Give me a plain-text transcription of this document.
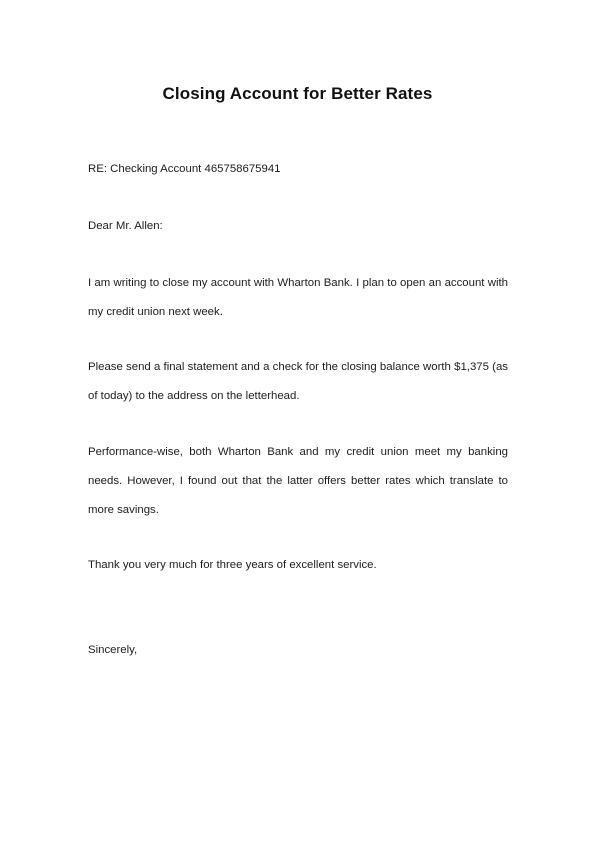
Closing Account for Better Rates

RE: Checking Account 465758675941

Dear Mr. Allen:

I am writing to close my account with Wharton Bank. I plan to open an account with my credit union next week.

Please send a final statement and a check for the closing balance worth $1,375 (as of today) to the address on the letterhead.

Performance-wise, both Wharton Bank and my credit union meet my banking needs. However, I found out that the latter offers better rates which translate to more savings.

Thank you very much for three years of excellent service.

Sincerely,
